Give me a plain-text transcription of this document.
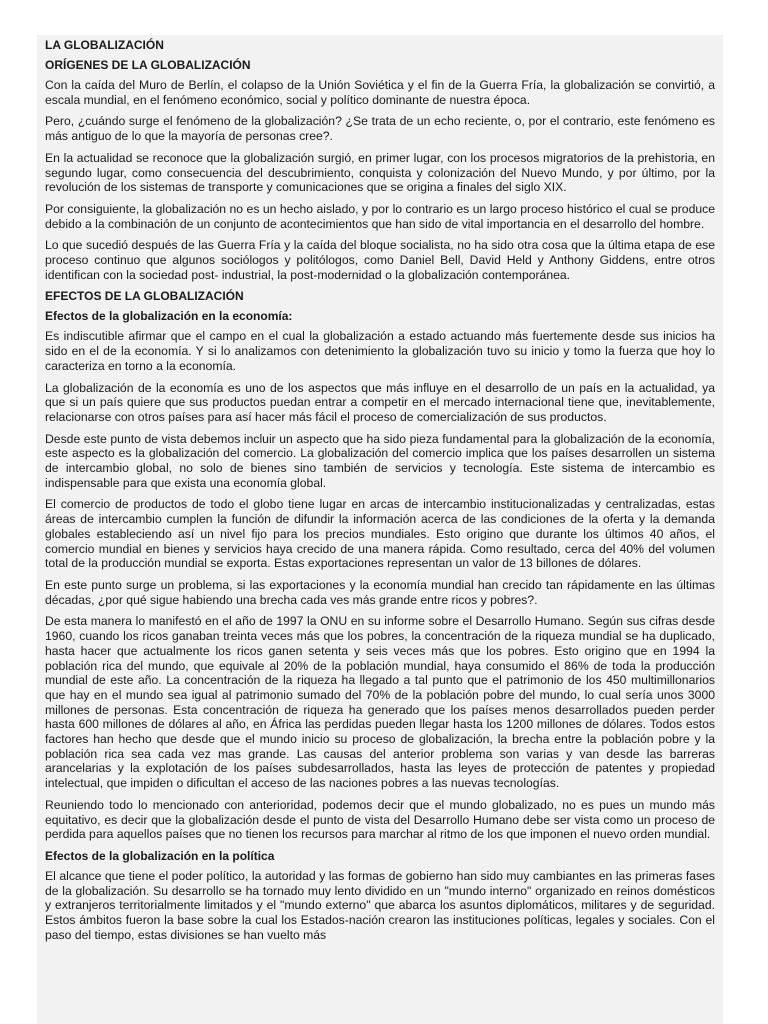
LA GLOBALIZACIÓN
ORÍGENES DE LA GLOBALIZACIÓN
Con la caída del Muro de Berlín, el colapso de la Unión Soviética y el fin de la Guerra Fría, la globalización se convirtió, a escala mundial, en el fenómeno económico, social y político dominante de nuestra época.
Pero, ¿cuándo surge el fenómeno de la globalización? ¿Se trata de un echo reciente, o, por el contrario, este fenómeno es más antiguo de lo que la mayoría de personas cree?.
En la actualidad se reconoce que la globalización surgió, en primer lugar, con los procesos migratorios de la prehistoria, en segundo lugar, como consecuencia del descubrimiento, conquista y colonización del Nuevo Mundo, y por último, por la revolución de los sistemas de transporte y comunicaciones que se origina a finales del siglo XIX.
Por consiguiente, la globalización no es un hecho aislado, y por lo contrario es un largo proceso histórico el cual se produce debido a la combinación de un conjunto de acontecimientos que han sido de vital importancia en el desarrollo del hombre.
Lo que sucedió después de las Guerra Fría y la caída del bloque socialista, no ha sido otra cosa que la última etapa de ese proceso continuo que algunos sociólogos y politólogos, como Daniel Bell, David Held y Anthony Giddens, entre otros identifican con la sociedad post- industrial, la post-modernidad o la globalización contemporánea.
EFECTOS DE LA GLOBALIZACIÓN
Efectos de la globalización en la economía:
Es indiscutible afirmar que el campo en el cual la globalización a estado actuando más fuertemente desde sus inicios ha sido en el de la economía. Y si lo analizamos con detenimiento la globalización tuvo su inicio y tomo la fuerza que hoy lo caracteriza en torno a la economía.
La globalización de la economía es uno de los aspectos que más influye en el desarrollo de un país en la actualidad, ya que si un país quiere que sus productos puedan entrar a competir en el mercado internacional tiene que, inevitablemente, relacionarse con otros países para así hacer más fácil el proceso de comercialización de sus productos.
Desde este punto de vista debemos incluir un aspecto que ha sido pieza fundamental para la globalización de la economía, este aspecto es la globalización del comercio. La globalización del comercio implica que los países desarrollen un sistema de intercambio global, no solo de bienes sino también de servicios y tecnología. Este sistema de intercambio es indispensable para que exista una economía global.
El comercio de productos de todo el globo tiene lugar en arcas de intercambio institucionalizadas y centralizadas, estas áreas de intercambio cumplen la función de difundir la información acerca de las condiciones de la oferta y la demanda globales estableciendo así un nivel fijo para los precios mundiales. Esto origino que durante los últimos 40 años, el comercio mundial en bienes y servicios haya crecido de una manera rápida. Como resultado, cerca del 40% del volumen total de la producción mundial se exporta. Estas exportaciones representan un valor de 13 billones de dólares.
En este punto surge un problema, si las exportaciones y la economía mundial han crecido tan rápidamente en las últimas décadas, ¿por qué sigue habiendo una brecha cada ves más grande entre ricos y pobres?.
De esta manera lo manifestó en el año de 1997 la ONU en su informe sobre el Desarrollo Humano. Según sus cifras desde 1960, cuando los ricos ganaban treinta veces más que los pobres, la concentración de la riqueza mundial se ha duplicado, hasta hacer que actualmente los ricos ganen setenta y seis veces más que los pobres. Esto origino que en 1994 la población rica del mundo, que equivale al 20% de la población mundial, haya consumido el 86% de toda la producción mundial de este año. La concentración de la riqueza ha llegado a tal punto que el patrimonio de los 450 multimillonarios que hay en el mundo sea igual al patrimonio sumado del 70% de la población pobre del mundo, lo cual sería unos 3000 millones de personas. Esta concentración de riqueza ha generado que los países menos desarrollados pueden perder hasta 600 millones de dólares al año, en África las perdidas pueden llegar hasta los 1200 millones de dólares. Todos estos factores han hecho que desde que el mundo inicio su proceso de globalización, la brecha entre la población pobre y la población rica sea cada vez mas grande. Las causas del anterior problema son varias y van desde las barreras arancelarias y la explotación de los países subdesarrollados, hasta las leyes de protección de patentes y propiedad intelectual, que impiden o dificultan el acceso de las naciones pobres a las nuevas tecnologías.
Reuniendo todo lo mencionado con anterioridad, podemos decir que el mundo globalizado, no es pues un mundo más equitativo, es decir que la globalización desde el punto de vista del Desarrollo Humano debe ser vista como un proceso de perdida para aquellos países que no tienen los recursos para marchar al ritmo de los que imponen el nuevo orden mundial.
Efectos de la globalización en la política
El alcance que tiene el poder político, la autoridad y las formas de gobierno han sido muy cambiantes en las primeras fases de la globalización. Su desarrollo se ha tornado muy lento dividido en un "mundo interno" organizado en reinos domésticos y extranjeros territorialmente limitados y el "mundo externo" que abarca los asuntos diplomáticos, militares y de seguridad. Estos ámbitos fueron la base sobre la cual los Estados-nación crearon las instituciones políticas, legales y sociales. Con el paso del tiempo, estas divisiones se han vuelto más
